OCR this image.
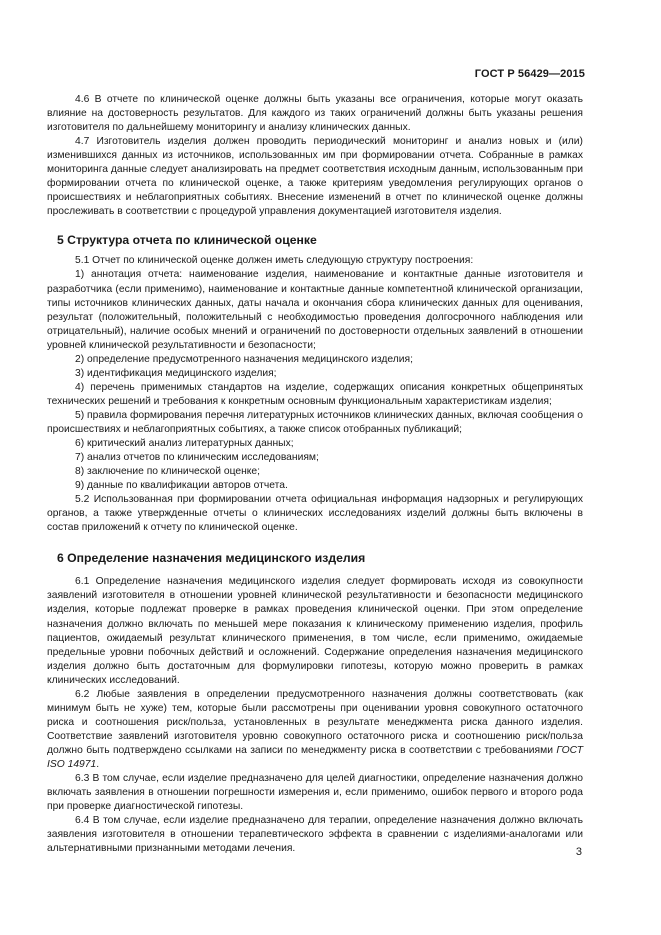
ГОСТ Р 56429—2015

4.6 В отчете по клинической оценке должны быть указаны все ограничения, которые могут оказать влияние на достоверность результатов. Для каждого из таких ограничений должны быть указаны решения изготовителя по дальнейшему мониторингу и анализу клинических данных.

4.7 Изготовитель изделия должен проводить периодический мониторинг и анализ новых и (или) изменившихся данных из источников, использованных им при формировании отчета. Собранные в рамках мониторинга данные следует анализировать на предмет соответствия исходным данным, использованным при формировании отчета по клинической оценке, а также критериям уведомления регулирующих органов о происшествиях и неблагоприятных событиях. Внесение изменений в отчет по клинической оценке должны прослеживать в соответствии с процедурой управления документацией изготовителя изделия.

5 Структура отчета по клинической оценке

5.1 Отчет по клинической оценке должен иметь следующую структуру построения:

1) аннотация отчета: наименование изделия, наименование и контактные данные изготовителя и разработчика (если применимо), наименование и контактные данные компетентной клинической организации, типы источников клинических данных, даты начала и окончания сбора клинических данных для оценивания, результат (положительный, положительный с необходимостью проведения долгосрочного наблюдения или отрицательный), наличие особых мнений и ограничений по достоверности отдельных заявлений в отношении уровней клинической результативности и безопасности;

2) определение предусмотренного назначения медицинского изделия;

3) идентификация медицинского изделия;

4) перечень применимых стандартов на изделие, содержащих описания конкретных общепринятых технических решений и требования к конкретным основным функциональным характеристикам изделия;

5) правила формирования перечня литературных источников клинических данных, включая сообщения о происшествиях и неблагоприятных событиях, а также список отобранных публикаций;

6) критический анализ литературных данных;

7) анализ отчетов по клиническим исследованиям;

8) заключение по клинической оценке;

9) данные по квалификации авторов отчета.

5.2 Использованная при формировании отчета официальная информация надзорных и регулирующих органов, а также утвержденные отчеты о клинических исследованиях изделий должны быть включены в состав приложений к отчету по клинической оценке.

6 Определение назначения медицинского изделия

6.1 Определение назначения медицинского изделия следует формировать исходя из совокупности заявлений изготовителя в отношении уровней клинической результативности и безопасности медицинского изделия, которые подлежат проверке в рамках проведения клинической оценки. При этом определение назначения должно включать по меньшей мере показания к клиническому применению изделия, профиль пациентов, ожидаемый результат клинического применения, в том числе, если применимо, ожидаемые предельные уровни побочных действий и осложнений. Содержание определения назначения медицинского изделия должно быть достаточным для формулировки гипотезы, которую можно проверить в рамках клинических исследований.

6.2 Любые заявления в определении предусмотренного назначения должны соответствовать (как минимум быть не хуже) тем, которые были рассмотрены при оценивании уровня совокупного остаточного риска и соотношения риск/польза, установленных в результате менеджмента риска данного изделия. Соответствие заявлений изготовителя уровню совокупного остаточного риска и соотношению риск/польза должно быть подтверждено ссылками на записи по менеджменту риска в соответствии с требованиями ГОСТ ISO 14971.

6.3 В том случае, если изделие предназначено для целей диагностики, определение назначения должно включать заявления в отношении погрешности измерения и, если применимо, ошибок первого и второго рода при проверке диагностической гипотезы.

6.4 В том случае, если изделие предназначено для терапии, определение назначения должно включать заявления изготовителя в отношении терапевтического эффекта в сравнении с изделиями-аналогами или альтернативными признанными методами лечения.	3
